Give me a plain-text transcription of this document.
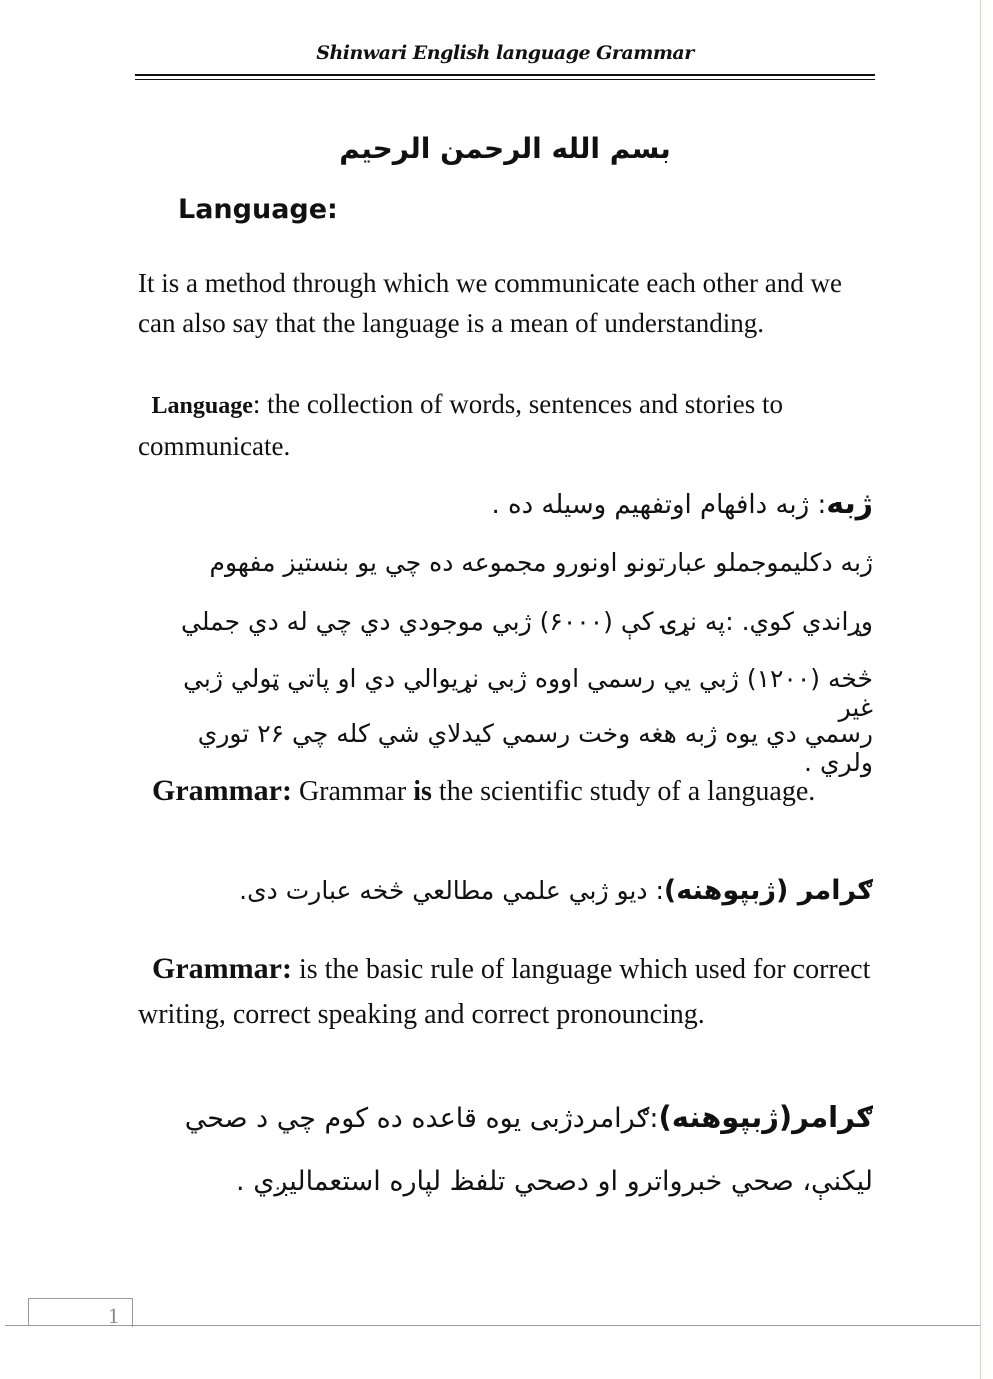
Shinwari English language Grammar
بسم الله الرحمن الرحيم
Language:
It is a method through which we communicate each other and we can also say that the language is a mean of understanding.
Language: the collection of words, sentences and stories to communicate.
ژبه: ژبه دافهام اوتفهيم وسيله ده .
ژبه دكليموجملو عبارتونو اونورو مجموعه ده چي يو بنستيز مفهوم
وړاندي كوي. :په نړۍ كې (۶۰۰۰) ژبي موجودي دي چي له دي جملي
څخه (۱۲۰۰) ژبي يي رسمي اووه ژبي نړيوالي دي او پاتي ټولي ژبي غير
رسمي دي يوه ژبه هغه وخت رسمي كيدلاي شي كله چي ۲۶ توري ولري .
Grammar: Grammar is the scientific study of a language.
ګرامر (ژبپوهنه): ديو ژبي علمي مطالعي څخه عبارت دی.
Grammar: is the basic rule of language which used for correct writing, correct speaking and correct pronouncing.
ګرامر(ژبپوهنه):ګرامردژبی يوه قاعده ده كوم چي د صحي
ليكنې، صحي خبرواترو او دصحي تلفظ لپاره استعماليږي .
1
